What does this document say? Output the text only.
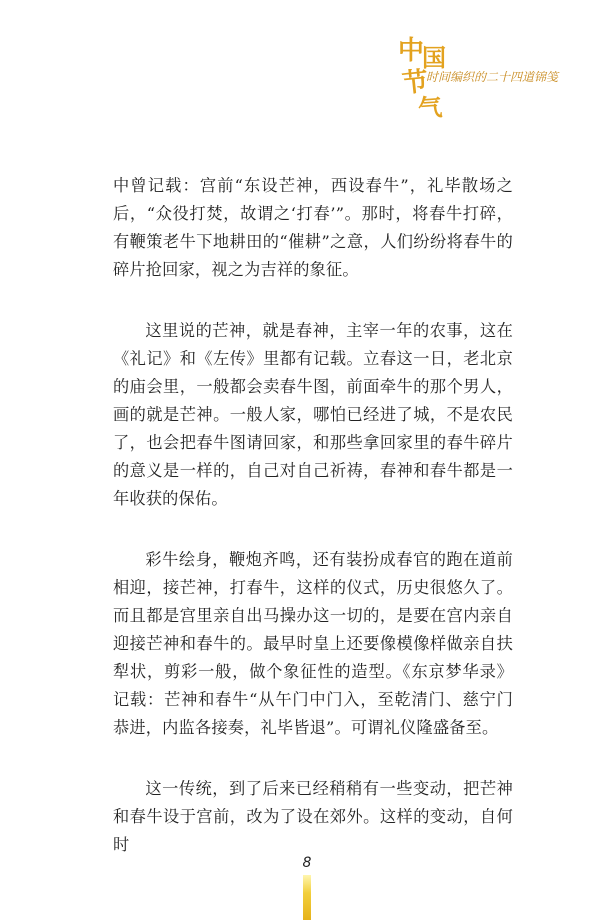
中
国
节
气
时间编织的二十四道锦笺

中曾记载：宫前“东设芒神，西设春牛”，礼毕散场之后，“众役打焚，故谓之‘打春’”。那时，将春牛打碎，有鞭策老牛下地耕田的“催耕”之意，人们纷纷将春牛的碎片抢回家，视之为吉祥的象征。

这里说的芒神，就是春神，主宰一年的农事，这在《礼记》和《左传》里都有记载。立春这一日，老北京的庙会里，一般都会卖春牛图，前面牵牛的那个男人，画的就是芒神。一般人家，哪怕已经进了城，不是农民了，也会把春牛图请回家，和那些拿回家里的春牛碎片的意义是一样的，自己对自己祈祷，春神和春牛都是一年收获的保佑。

彩牛绘身，鞭炮齐鸣，还有装扮成春官的跑在道前相迎，接芒神，打春牛，这样的仪式，历史很悠久了。而且都是宫里亲自出马操办这一切的，是要在宫内亲自迎接芒神和春牛的。最早时皇上还要像模像样做亲自扶犁状，剪彩一般，做个象征性的造型。《东京梦华录》记载：芒神和春牛“从午门中门入，至乾清门、慈宁门恭进，内监各接奏，礼毕皆退”。可谓礼仪隆盛备至。

这一传统，到了后来已经稍稍有一些变动，把芒神和春牛设于宫前，改为了设在郊外。这样的变动，自何时

8
